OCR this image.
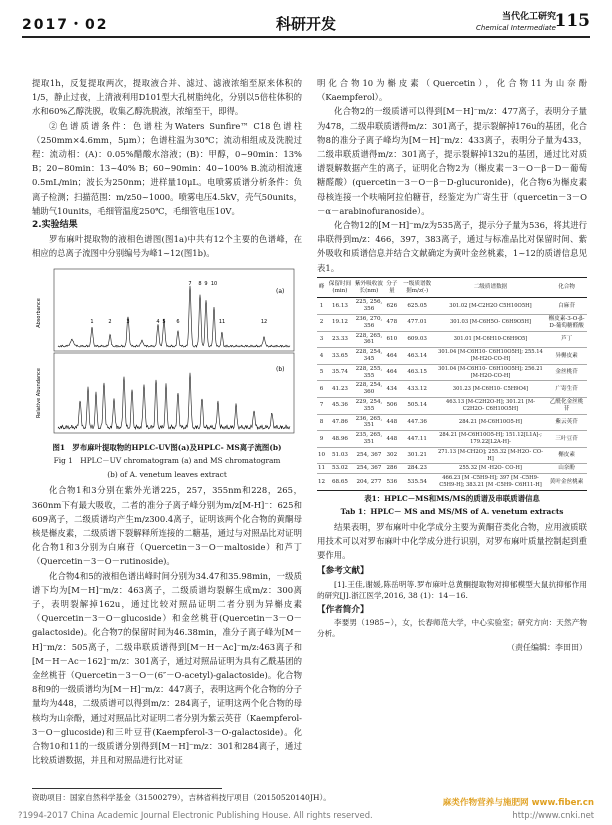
2017・02	科研开发	当代化工研究
Chemical Intermediate
115

提取1h，反复提取两次，提取液合并、滤过、滤液浓缩至原来体积的1/5，静止过夜，上清液利用D101型大孔树脂纯化，分别以5倍柱体积的水和60%乙醇洗脱，收集乙醇洗脱液，浓缩至干，即得。

②色谱质谱条件：色谱柱为Waters Sunfire™ C18色谱柱（250mm×4.6mm，5μm）；色谱柱温为30℃；流动相组成及洗脱过程：流动相：(A)：0.05%醋酸水溶液；(B)：甲醇，0~90min：13% B；20~80min：13~40% B；60~90min：40~100% B.流动相流速0.5mL/min；波长为250nm；进样量10μL。电喷雾质谱分析条件：负离子检测；扫描范围：m/z50~1000。喷雾电压4.5kV，壳气50units，辅助气10units，毛细管温度250℃，毛细管电压10V。

2.实验结果

罗布麻叶提取物的液相色谱图(图1a)中共有12个主要的色谱峰，在相应的总离子流图中分别编号为峰1~12(图1b)。

(a)
(b)
Absorbance
Relative Abundance
1	2	3	4 5 6
7 8 9 10
11	12
图1　罗布麻叶提取物的HPLC-UV图(a)及HPLC- MS离子流图(b)
Fig 1　HPLC－UV chromatogram (a) and MS chromatogram
(b) of A. venetum leaves extract

化合物1和3分别在紫外光谱225，257，355nm和228，265，360nm下有最大吸收，二者的准分子离子峰分别为m/z[M-H]⁻：625和609离子，二级质谱均产生m/z300.4离子，证明该两个化合物的黄酮母核是槲皮素，二级质谱下裂解释所连接的二糖基，通过与对照品比对证明化合物1和3分别为白麻苷（Quercetin－3－O－maltoside）和芦丁（Quercetin－3－O－rutinoside)。

化合物4和5的液相色谱出峰时间分别为34.47和35.98min，一级质谱下均为[M－H]⁻m/z：463离子，二级质谱均裂解生成m/z：300离子，表明裂解掉162u，通过比较对照品证明二者分别为异槲皮素（Quercetin－3－O－glucoside）和金丝桃苷(Quercetin－3－O－galactoside)。化合物7的保留时间为46.38min，准分子离子峰为[M－H]⁻m/z：505离子，二级串联质谱得到[M－H－Ac]⁻m/z:463离子和[M－H－Ac－162]⁻m/z：301离子，通过对照品证明为具有乙酰基团的金丝桃苷（Quercetin－3－O－(6″－O-acetyl)-galactoside)。化合物8和9的一级质谱均为[M－H]⁻m/z：447离子，表明这两个化合物的分子量均为448，二级质谱可以得到m/z：284离子，证明这两个化合物的母核均为山奈酚，通过对照品比对证明二者分别为紫云英苷（Kaempferol-3－O－glucoside)和三叶豆苷(Kaempferol-3－O-galactoside)。化合物10和11的一级质谱分别得到[M－H]⁻m/z：301和284离子，通过比较质谱数据，并且和对照品进行比对证

明化合物10为槲皮素（Quercetin），化合物11为山奈酚（Kaempferol）。

化合物2的一级质谱可以得到[M－H]⁻m/z：477离子，表明分子量为478，二级串联质谱得m/z：301离子，提示裂解掉176u的基团，化合物8的准分子离子峰均为[M－H]⁻m/z：433离子，表明分子量为433，二级串联质谱得m/z：301离子，提示裂解掉132u的基团，通过比对质谱裂解数据产生的离子，证明化合物2为（槲皮素－3－O－β－D－葡萄糖醛酸）(quercetin－3－O－β－D-glucuronide)，化合物6为槲皮素母核连接一个呋喃阿拉伯糖苷，经鉴定为广寄生苷（quercetin－3－O－α－arabinofuranoside）。

化合物12的[M－H]⁻m/z为535离子，提示分子量为536，将其进行串联得到m/z：466，397，383离子，通过与标准品比对保留时间、紫外吸收和质谱信息并结合文献确定为黄叶金丝桃素，1~12的质谱信息见表1。

峰	保留时间(min)	紫外吸收波长(nm)	分子量	一级质谱数据m/z(-)	二级质谱数据	化合物
1	16.13	225, 256, 356	626	625.05	301.02 [M-C2H2O C5H10O5H]	白麻苷
2	19.12	236, 270, 356	478	477.01	301.03 [M-C6H5O- C6H9O5H]	槲皮素-3-O-β-D-葡萄糖醛酸
3	23.33	228, 265, 361	610	609.03	301.01 [M-C6H10-C6H9O5]	芦丁
4	33.65	228, 254, 345	464	463.14	301.04 [M-C6H10- C6H10O5H]; 255.14 [M-H2O-CO-H]	异槲皮素
5	35.74	228, 255, 355	464	463.15	301.04 [M-C6H10- C6H10O5H]; 256.21 [M-H2O-CO-H]	金丝桃苷
6	41.23	228, 254, 360	434	433.12	301.23 [M-C6H10- C5H9O4]	广寄生苷
7	45.36	229, 254, 355	506	505.14	463.13 [M-C2H2O-H]; 301.21 [M-C2H2O- C6H10O5H]	乙酰化金丝桃苷
8	47.86	236, 265, 351	448	447.36	284.21 [M-C6H10O5-H]	紫云英苷
9	48.96	235, 265, 351	448	447.11	284.21 [M-C6H10O5-H]; 151.12[L1A]-; 179.22[L2A-H]-	三叶豆苷
10	51.03	254, 367	302	301.21	271.13 [M-CH2O]; 255.32 [M-H2O- CO-H]	槲皮素
11	53.02	254, 367	286	284.23	255.32 [M -H2O- CO-H]	山奈酚
12	68.65	204, 277	536	535.54	466.23 [M -C5H9-H]; 397 [M -C5H9-C5H9-H]; 383.21 [M -C5H9- C6H11-H]	黄叶金丝桃素
表1：HPLC－MS和MS/MS的质谱及串联质谱信息
Tab 1：HPLC－ MS and MS/MS of A. venetum extracts

结果表明，罗布麻叶中化学成分主要为黄酮苷类化合物，应用液质联用技术可以对罗布麻叶中化学成分进行识别，对罗布麻叶质量控制起到重要作用。

【参考文献】

[1].王佳,谢媛,陈岳明等.罗布麻叶总黄酮提取物对抑郁模型大鼠抗抑郁作用的研究[J].浙江医学,2016, 38 (1)：14－16.

【作者简介】

李要男（1985~），女，长春师范大学，中心实验室；研究方向：天然产物分析。

（责任编辑：李田田）
资助项目：国家自然科学基金（31500279），吉林省科技厅项目（20150520140JH）。
麻类作物营养与施肥网 www.fiber.cn
?1994-2017 China Academic Journal Electronic Publishing House. All rights reserved.	http://www.cnki.net
